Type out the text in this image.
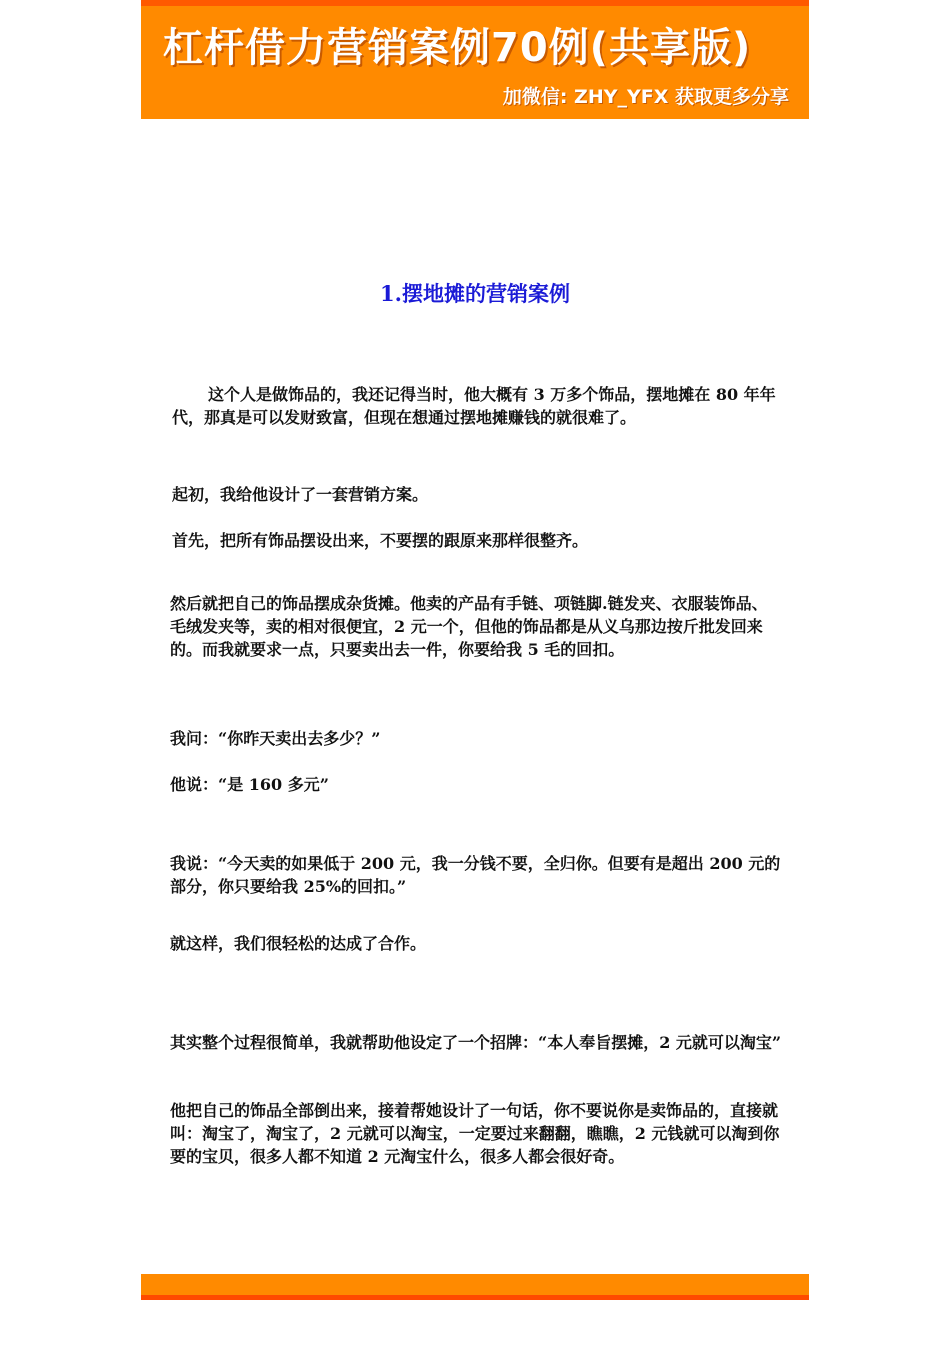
杠杆借力营销案例70例(共享版)
加微信: ZHY_YFX 获取更多分享
1.摆地摊的营销案例

这个人是做饰品的，我还记得当时，他大概有 3 万多个饰品，摆地摊在 80 年年代，那真是可以发财致富，但现在想通过摆地摊赚钱的就很难了。

起初，我给他设计了一套营销方案。

首先，把所有饰品摆设出来，不要摆的跟原来那样很整齐。

然后就把自己的饰品摆成杂货摊。他卖的产品有手链、项链脚.链发夹、衣服装饰品、毛绒发夹等，卖的相对很便宜，2 元一个，但他的饰品都是从义乌那边按斤批发回来的。而我就要求一点，只要卖出去一件，你要给我 5 毛的回扣。

我问：“你昨天卖出去多少？”

他说：“是 160 多元”

我说：“今天卖的如果低于 200 元，我一分钱不要，全归你。但要有是超出 200 元的部分，你只要给我 25%的回扣。”

就这样，我们很轻松的达成了合作。

其实整个过程很简单，我就帮助他设定了一个招牌：“本人奉旨摆摊，2 元就可以淘宝”

他把自己的饰品全部倒出来，接着帮她设计了一句话，你不要说你是卖饰品的，直接就叫：淘宝了，淘宝了，2 元就可以淘宝，一定要过来翻翻，瞧瞧，2 元钱就可以淘到你要的宝贝，很多人都不知道 2 元淘宝什么，很多人都会很好奇。
